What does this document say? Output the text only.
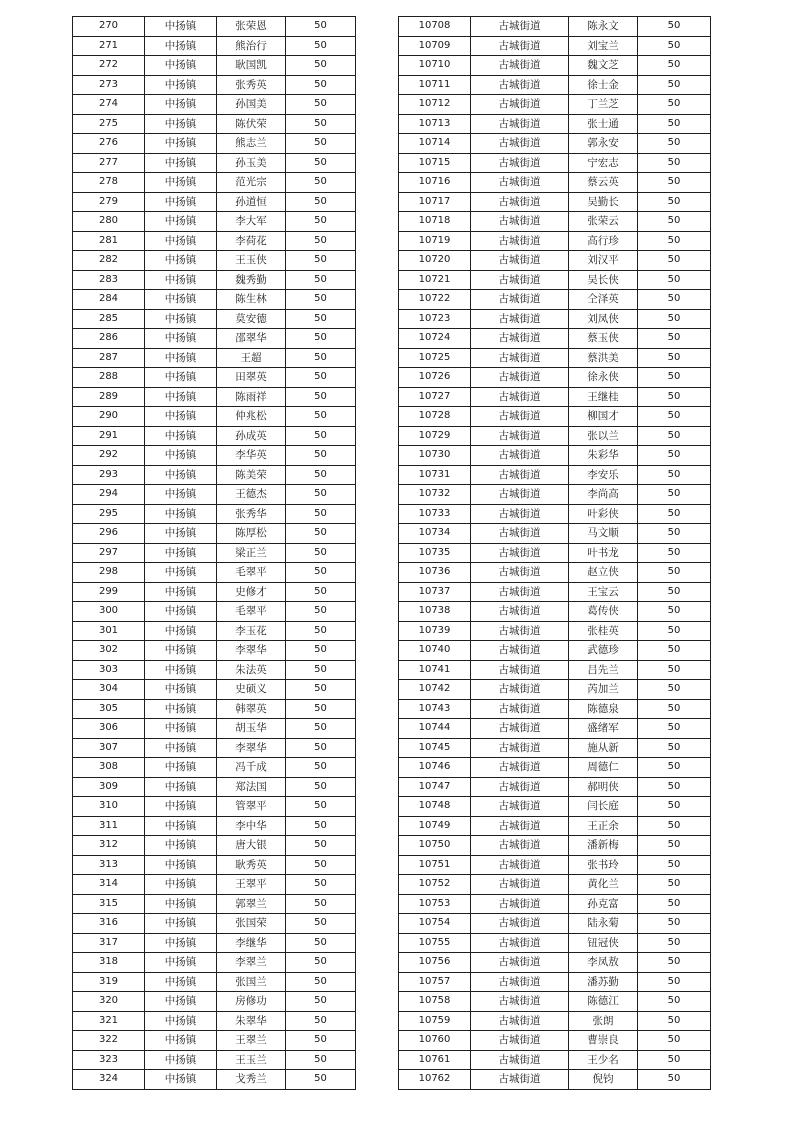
270	中扬镇	张荣恩	50
271	中扬镇	熊治行	50
272	中扬镇	耿国凯	50
273	中扬镇	张秀英	50
274	中扬镇	孙国美	50
275	中扬镇	陈伏荣	50
276	中扬镇	熊志兰	50
277	中扬镇	孙玉美	50
278	中扬镇	范光宗	50
279	中扬镇	孙道恒	50
280	中扬镇	李大军	50
281	中扬镇	李荷花	50
282	中扬镇	王玉侠	50
283	中扬镇	魏秀勤	50
284	中扬镇	陈生林	50
285	中扬镇	莫安德	50
286	中扬镇	邵翠华	50
287	中扬镇	王超	50
288	中扬镇	田翠英	50
289	中扬镇	陈雨祥	50
290	中扬镇	仲兆松	50
291	中扬镇	孙成英	50
292	中扬镇	李华英	50
293	中扬镇	陈美荣	50
294	中扬镇	王德杰	50
295	中扬镇	张秀华	50
296	中扬镇	陈厚松	50
297	中扬镇	梁正兰	50
298	中扬镇	毛翠平	50
299	中扬镇	史修才	50
300	中扬镇	毛翠平	50
301	中扬镇	李玉花	50
302	中扬镇	李翠华	50
303	中扬镇	朱法英	50
304	中扬镇	史硕义	50
305	中扬镇	韩翠英	50
306	中扬镇	胡玉华	50
307	中扬镇	李翠华	50
308	中扬镇	冯千成	50
309	中扬镇	郑法国	50
310	中扬镇	管翠平	50
311	中扬镇	李中华	50
312	中扬镇	唐大银	50
313	中扬镇	耿秀英	50
314	中扬镇	王翠平	50
315	中扬镇	郭翠兰	50
316	中扬镇	张国荣	50
317	中扬镇	李继华	50
318	中扬镇	李翠兰	50
319	中扬镇	张国兰	50
320	中扬镇	房修功	50
321	中扬镇	朱翠华	50
322	中扬镇	王翠兰	50
323	中扬镇	王玉兰	50
324	中扬镇	戈秀兰	50
10708	古城街道	陈永文	50
10709	古城街道	刘宝兰	50
10710	古城街道	魏文芝	50
10711	古城街道	徐士金	50
10712	古城街道	丁兰芝	50
10713	古城街道	张士通	50
10714	古城街道	郭永安	50
10715	古城街道	宁宏志	50
10716	古城街道	蔡云英	50
10717	古城街道	吴勤长	50
10718	古城街道	张荣云	50
10719	古城街道	高行珍	50
10720	古城街道	刘汉平	50
10721	古城街道	吴长侠	50
10722	古城街道	仝泽英	50
10723	古城街道	刘凤侠	50
10724	古城街道	蔡玉侠	50
10725	古城街道	蔡洪美	50
10726	古城街道	徐永侠	50
10727	古城街道	王继桂	50
10728	古城街道	柳国才	50
10729	古城街道	张以兰	50
10730	古城街道	朱彩华	50
10731	古城街道	李安乐	50
10732	古城街道	李尚高	50
10733	古城街道	叶彩侠	50
10734	古城街道	马文顺	50
10735	古城街道	叶书龙	50
10736	古城街道	赵立侠	50
10737	古城街道	王宝云	50
10738	古城街道	葛传侠	50
10739	古城街道	张桂英	50
10740	古城街道	武德珍	50
10741	古城街道	吕先兰	50
10742	古城街道	芮加兰	50
10743	古城街道	陈德泉	50
10744	古城街道	盛绪军	50
10745	古城街道	施从新	50
10746	古城街道	周德仁	50
10747	古城街道	郝明侠	50
10748	古城街道	闫长庭	50
10749	古城街道	王正余	50
10750	古城街道	潘新梅	50
10751	古城街道	张书玲	50
10752	古城街道	黄化兰	50
10753	古城街道	孙克富	50
10754	古城街道	陆永菊	50
10755	古城街道	钮冠侠	50
10756	古城街道	李凤敖	50
10757	古城街道	潘苏勤	50
10758	古城街道	陈德江	50
10759	古城街道	张朗	50
10760	古城街道	曹崇良	50
10761	古城街道	王少名	50
10762	古城街道	倪钧	50
